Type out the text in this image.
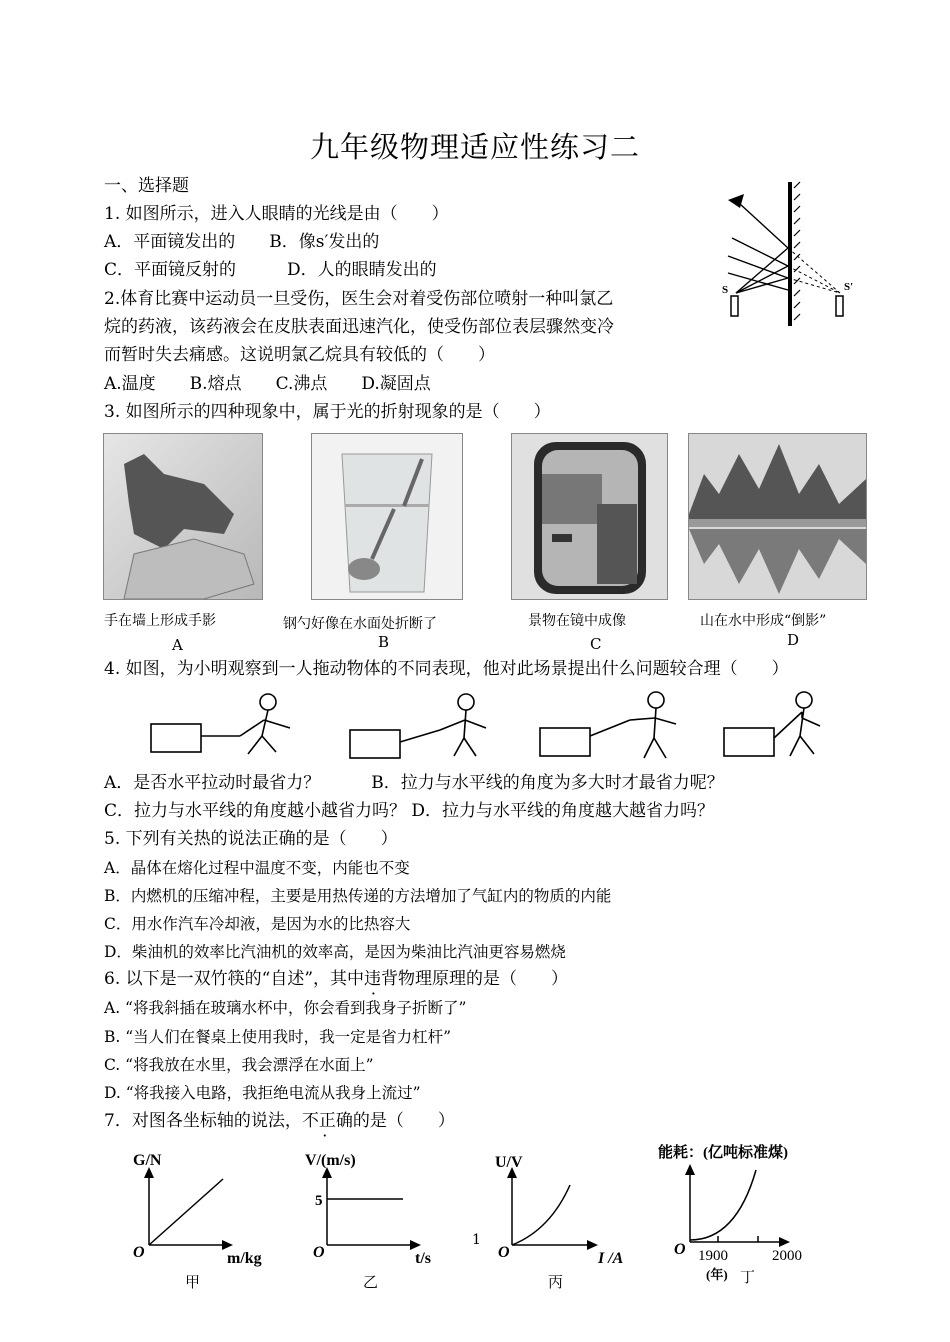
九年级物理适应性练习二
一、选择题
1. 如图所示，进入人眼睛的光线是由（　　）
A．平面镜发出的　　B．像s′发出的
C．平面镜反射的　　　D．人的眼睛发出的
S	S′
2.体育比赛中运动员一旦受伤，医生会对着受伤部位喷射一种叫氯乙
烷的药液，该药液会在皮肤表面迅速汽化，使受伤部位表层骤然变冷
而暂时失去痛感。这说明氯乙烷具有较低的（　　）
A.温度　　B.熔点　　C.沸点　　D.凝固点
3. 如图所示的四种现象中，属于光的折射现象的是（　　）
手在墙上形成手影	钢勺好像在水面处折断了	景物在镜中成像	山在水中形成“倒影”
A	B	C	D
4. 如图，为小明观察到一人拖动物体的不同表现，他对此场景提出什么问题较合理（　　）
A．是否水平拉动时最省力？　　　B．拉力与水平线的角度为多大时才最省力呢？
C．拉力与水平线的角度越小越省力吗？ D．拉力与水平线的角度越大越省力吗？
5. 下列有关热的说法正确的是（　　）
A．晶体在熔化过程中温度不变，内能也不变
B．内燃机的压缩冲程，主要是用热传递的方法增加了气缸内的物质的内能
C．用水作汽车冷却液，是因为水的比热容大
D．柴油机的效率比汽油机的效率高，是因为柴油比汽油更容易燃烧
6. 以下是一双竹筷的“自述”，其中违背物理原理的是（　　）
A. “将我斜插在玻璃水杯中，你会看到我身子折断了”
B. “当人们在餐桌上使用我时，我一定是省力杠杆”
C. “将我放在水里，我会漂浮在水面上”
D. “将我接入电路，我拒绝电流从我身上流过”
7．对图各坐标轴的说法，不正确的是（　　）
G/N
O	m/kg
甲
V/(m/s)
5
O	t/s
乙
1
U/V
O	I /A
丙
能耗：(亿吨标准煤)
O 1900	2000
(年) 丁
